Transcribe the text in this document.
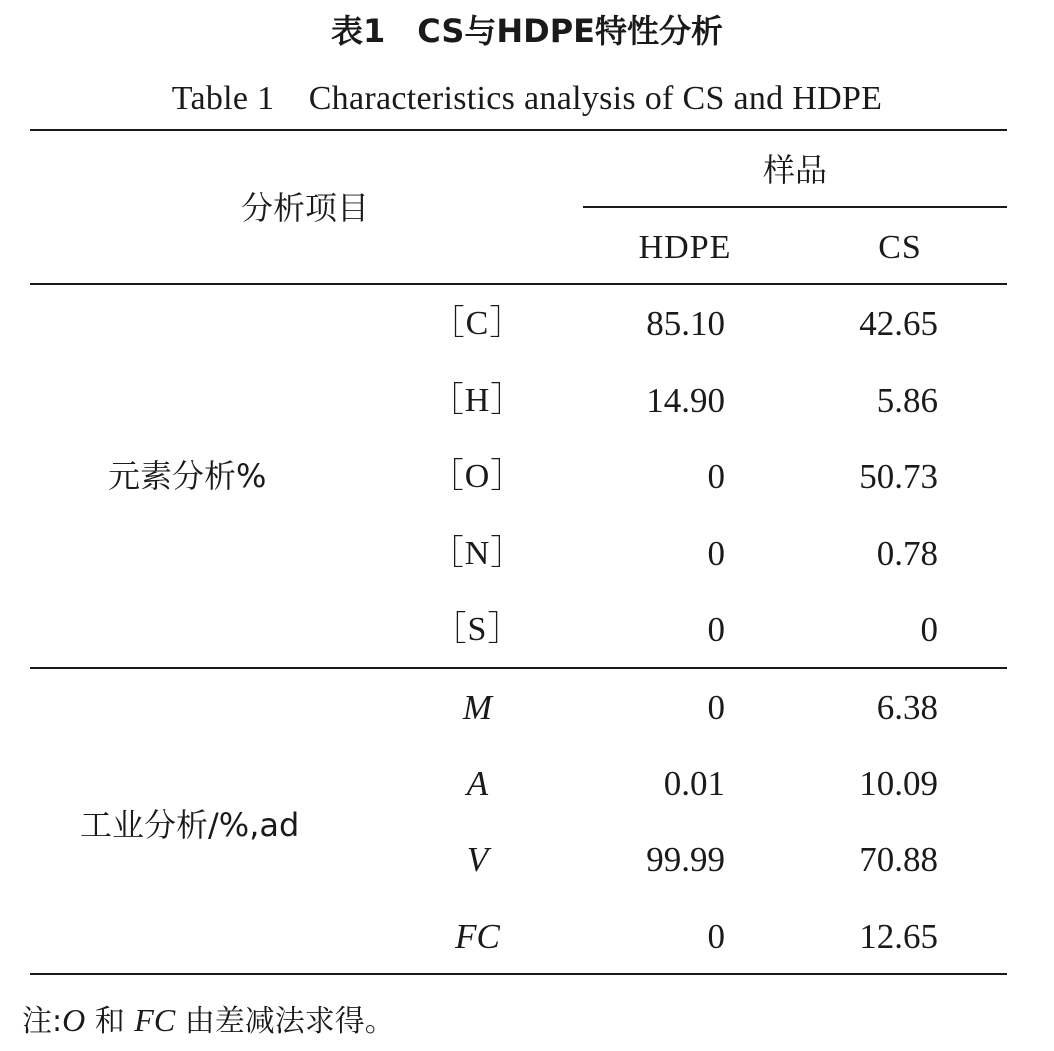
表1　CS与HDPE特性分析
Table 1　Characteristics analysis of CS and HDPE
分析项目
样品
HDPE	CS
元素分析%
工业分析/%,ad
［C］	85.10	42.65
［H］	14.90	5.86
［O］	0	50.73
［N］	0	0.78
［S］	0	0
M	0	6.38
A	0.01	10.09
V	99.99	70.88
FC	0	12.65
注:O 和 FC 由差减法求得。
